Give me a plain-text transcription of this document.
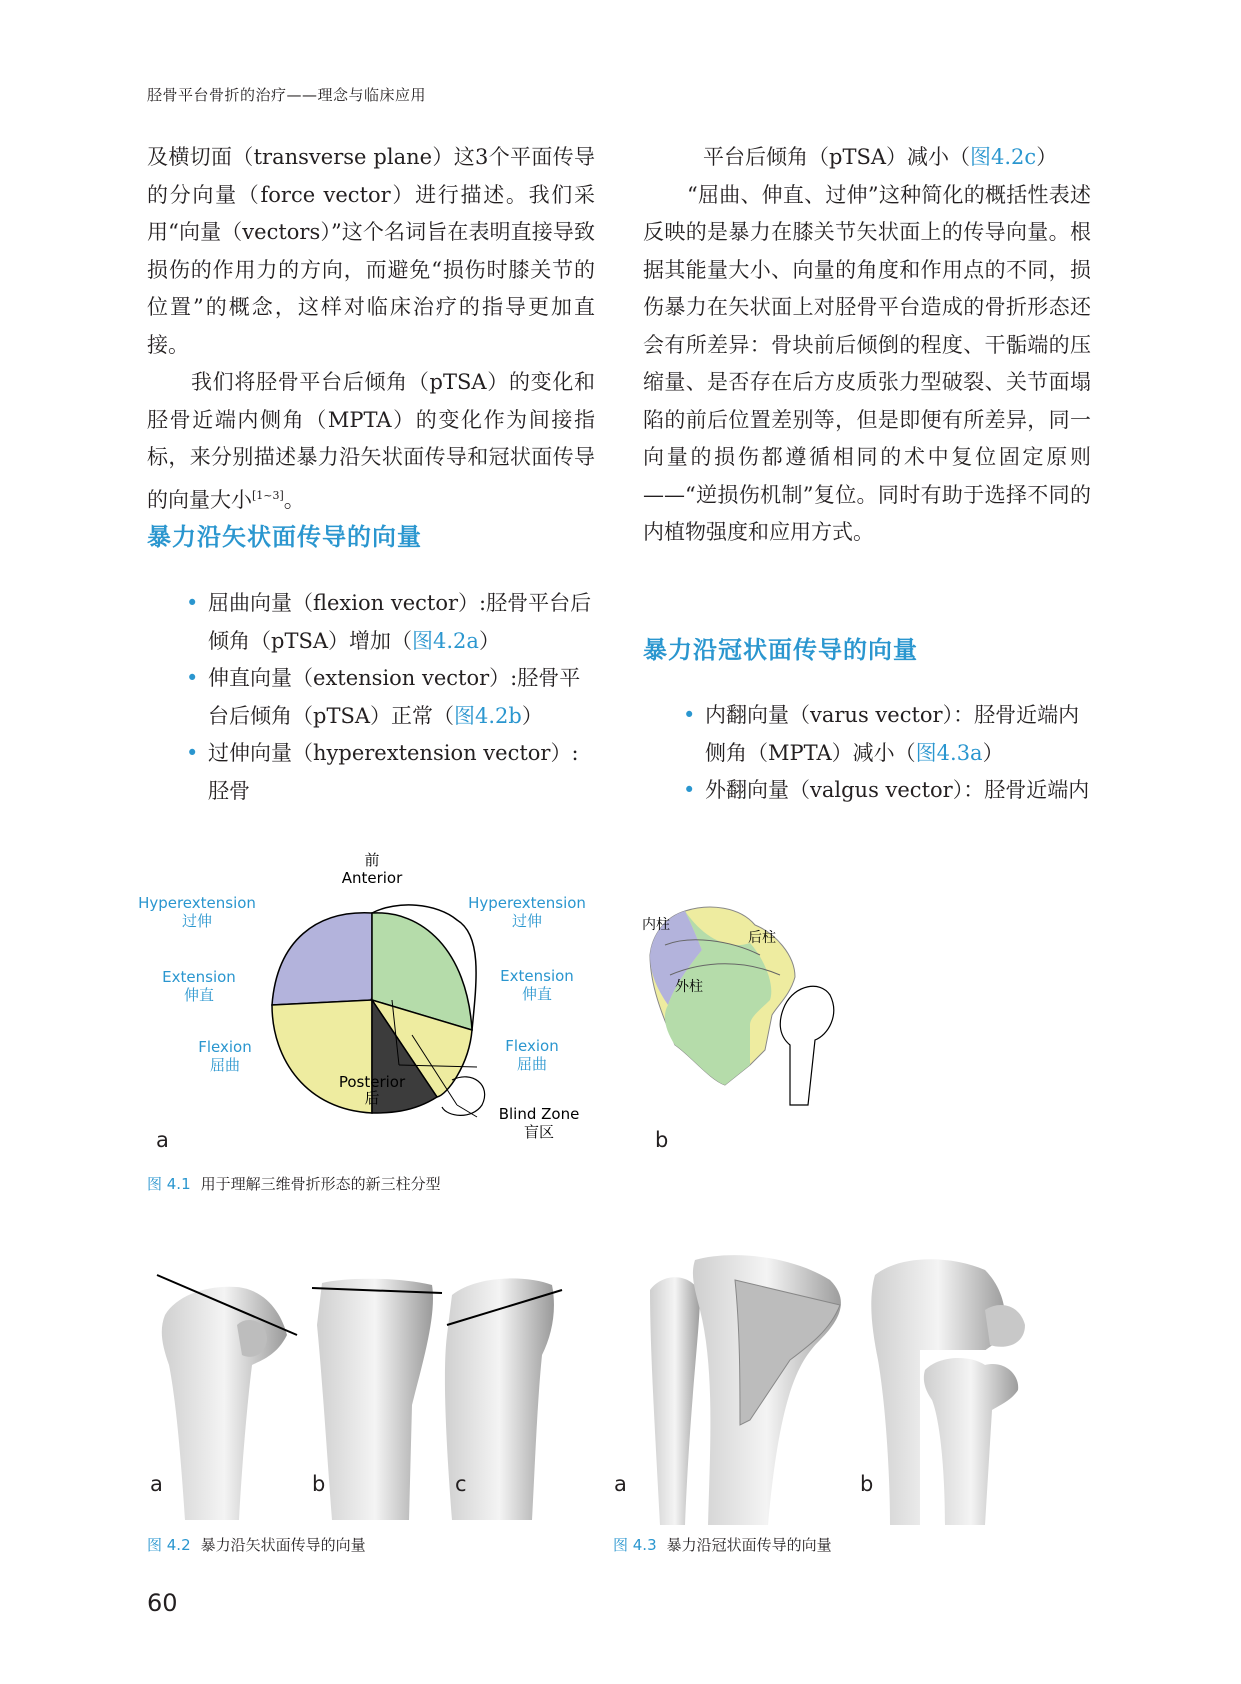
胫骨平台骨折的治疗——理念与临床应用

及横切面（transverse plane）这3个平面传导的分向量（force vector）进行描述。我们采用“向量（vectors）”这个名词旨在表明直接导致损伤的作用力的方向，而避免“损伤时膝关节的位置”的概念，这样对临床治疗的指导更加直接。

我们将胫骨平台后倾角（pTSA）的变化和胫骨近端内侧角（MPTA）的变化作为间接指标，来分别描述暴力沿矢状面传导和冠状面传导的向量大小[1~3]。

暴力沿矢状面传导的向量

• 屈曲向量（flexion vector）:胫骨平台后倾角（pTSA）增加（图4.2a）

• 伸直向量（extension vector）:胫骨平台后倾角（pTSA）正常（图4.2b）

• 过伸向量（hyperextension vector）:胫骨

平台后倾角（pTSA）减小（图4.2c）

“屈曲、伸直、过伸”这种简化的概括性表述反映的是暴力在膝关节矢状面上的传导向量。根据其能量大小、向量的角度和作用点的不同，损伤暴力在矢状面上对胫骨平台造成的骨折形态还会有所差异：骨块前后倾倒的程度、干骺端的压缩量、是否存在后方皮质张力型破裂、关节面塌陷的前后位置差别等，但是即便有所差异，同一向量的损伤都遵循相同的术中复位固定原则——“逆损伤机制”复位。同时有助于选择不同的内植物强度和应用方式。

暴力沿冠状面传导的向量

• 内翻向量（varus vector）：胫骨近端内侧角（MPTA）减小（图4.3a）

• 外翻向量（valgus vector）：胫骨近端内

前
Anterior
Posterior
后
Hyperextension
过伸
Extension
伸直
Flexion
屈曲
Hyperextension
过伸
Extension
伸直
Flexion
屈曲
Blind Zone
盲区
a
内柱
后柱
外柱
b
图 4.1 用于理解三维骨折形态的新三柱分型
a	b	c
图 4.2 暴力沿矢状面传导的向量
a	b
图 4.3 暴力沿冠状面传导的向量
60
